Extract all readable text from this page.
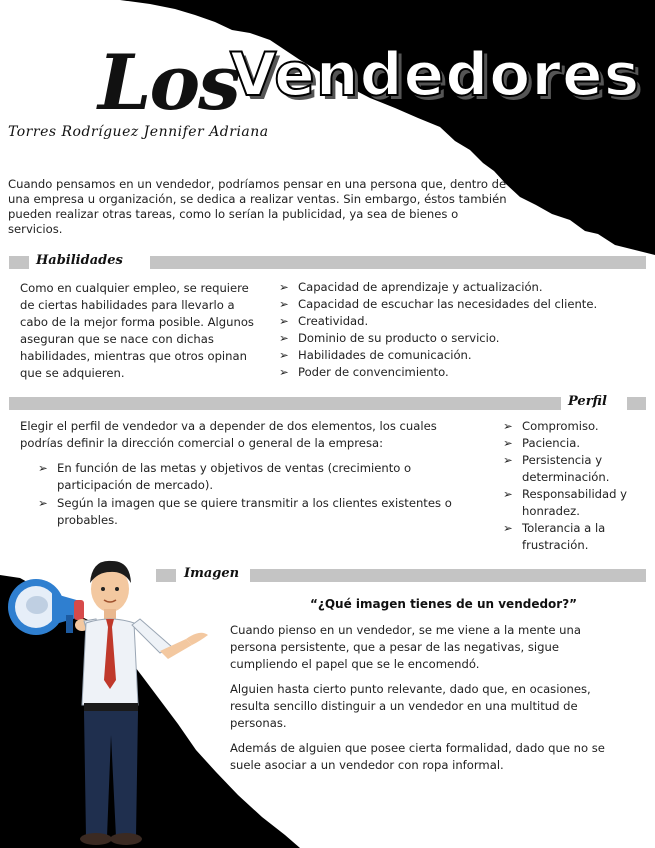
Los
Vendedores
Torres Rodríguez Jennifer Adriana
Cuando pensamos en un vendedor, podríamos pensar en una persona que, dentro de una empresa u organización, se dedica a realizar ventas. Sin embargo, éstos también pueden realizar otras tareas, como lo serían la publicidad, ya sea de bienes o servicios.
Habilidades
Como en cualquier empleo, se requiere de ciertas habilidades para llevarlo a cabo de la mejor forma posible. Algunos aseguran que se nace con dichas habilidades, mientras que otros opinan que se adquieren.
➢ Capacidad de aprendizaje y actualización.
➢ Capacidad de escuchar las necesidades del cliente.
➢ Creatividad.
➢ Dominio de su producto o servicio.
➢ Habilidades de comunicación.
➢ Poder de convencimiento.
Perfil
Elegir el perfil de vendedor va a depender de dos elementos, los cuales podrías definir la dirección comercial o general de la empresa:
➢ En función de las metas y objetivos de ventas (crecimiento o participación de mercado).
➢ Según la imagen que se quiere transmitir a los clientes existentes o probables.
➢ Compromiso.
➢ Paciencia.
➢ Persistencia y determinación.
➢ Responsabilidad y honradez.
➢ Tolerancia a la frustración.
Imagen
“¿Qué imagen tienes de un vendedor?”
Cuando pienso en un vendedor, se me viene a la mente una persona persistente, que a pesar de las negativas, sigue cumpliendo el papel que se le encomendó.
Alguien hasta cierto punto relevante, dado que, en ocasiones, resulta sencillo distinguir a un vendedor en una multitud de personas.
Además de alguien que posee cierta formalidad, dado que no se suele asociar a un vendedor con ropa informal.
